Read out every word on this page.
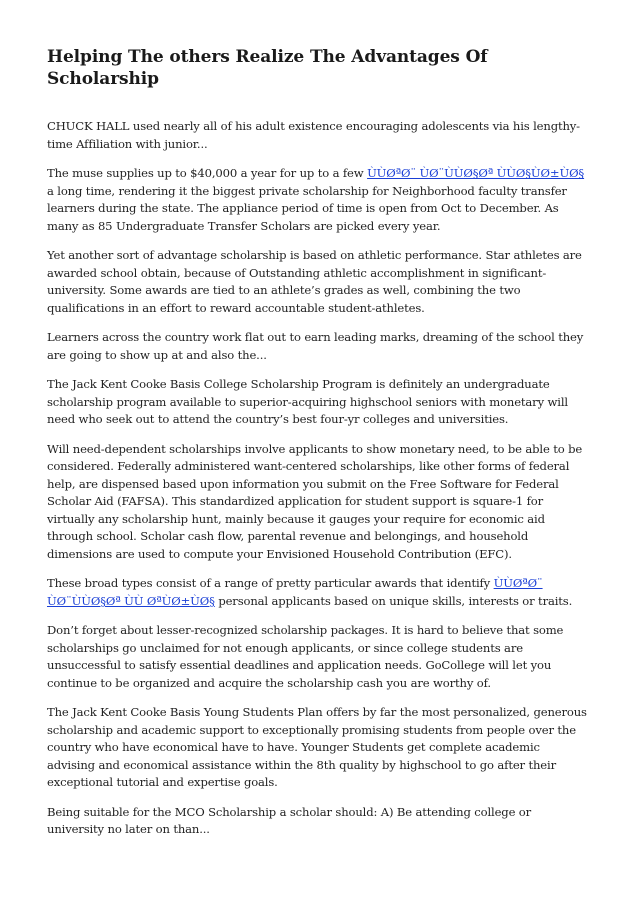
Helping The others Realize The Advantages Of Scholarship

CHUCK HALL used nearly all of his adult existence encouraging adolescents via his lengthy-time Affiliation with junior...

The muse supplies up to $40,000 a year for up to a few ÙÙØªØ¨ ÙØ¨ÙÙØ§Øª ÙÙØ§ÙØ±ÙØ§ a long time, rendering it the biggest private scholarship for Neighborhood faculty transfer learners during the state. The appliance period of time is open from Oct to December. As many as 85 Undergraduate Transfer Scholars are picked every year.

Yet another sort of advantage scholarship is based on athletic performance. Star athletes are awarded school obtain, because of Outstanding athletic accomplishment in significant-university. Some awards are tied to an athlete’s grades as well, combining the two qualifications in an effort to reward accountable student-athletes.

Learners across the country work flat out to earn leading marks, dreaming of the school they are going to show up at and also the...

The Jack Kent Cooke Basis College Scholarship Program is definitely an undergraduate scholarship program available to superior-acquiring highschool seniors with monetary will need who seek out to attend the country’s best four-yr colleges and universities.

Will need-dependent scholarships involve applicants to show monetary need, to be able to be considered. Federally administered want-centered scholarships, like other forms of federal help, are dispensed based upon information you submit on the Free Software for Federal Scholar Aid (FAFSA). This standardized application for student support is square-1 for virtually any scholarship hunt, mainly because it gauges your require for economic aid through school. Scholar cash flow, parental revenue and belongings, and household dimensions are used to compute your Envisioned Household Contribution (EFC).

These broad types consist of a range of pretty particular awards that identify ÙÙØªØ¨ ÙØ¨ÙÙØ§Øª ÙÙ ØªÙØ±ÙØ§ personal applicants based on unique skills, interests or traits.

Don’t forget about lesser-recognized scholarship packages. It is hard to believe that some scholarships go unclaimed for not enough applicants, or since college students are unsuccessful to satisfy essential deadlines and application needs. GoCollege will let you continue to be organized and acquire the scholarship cash you are worthy of.

The Jack Kent Cooke Basis Young Students Plan offers by far the most personalized, generous scholarship and academic support to exceptionally promising students from people over the country who have economical have to have. Younger Students get complete academic advising and economical assistance within the 8th quality by highschool to go after their exceptional tutorial and expertise goals.

Being suitable for the MCO Scholarship a scholar should: A) Be attending college or university no later on than...
